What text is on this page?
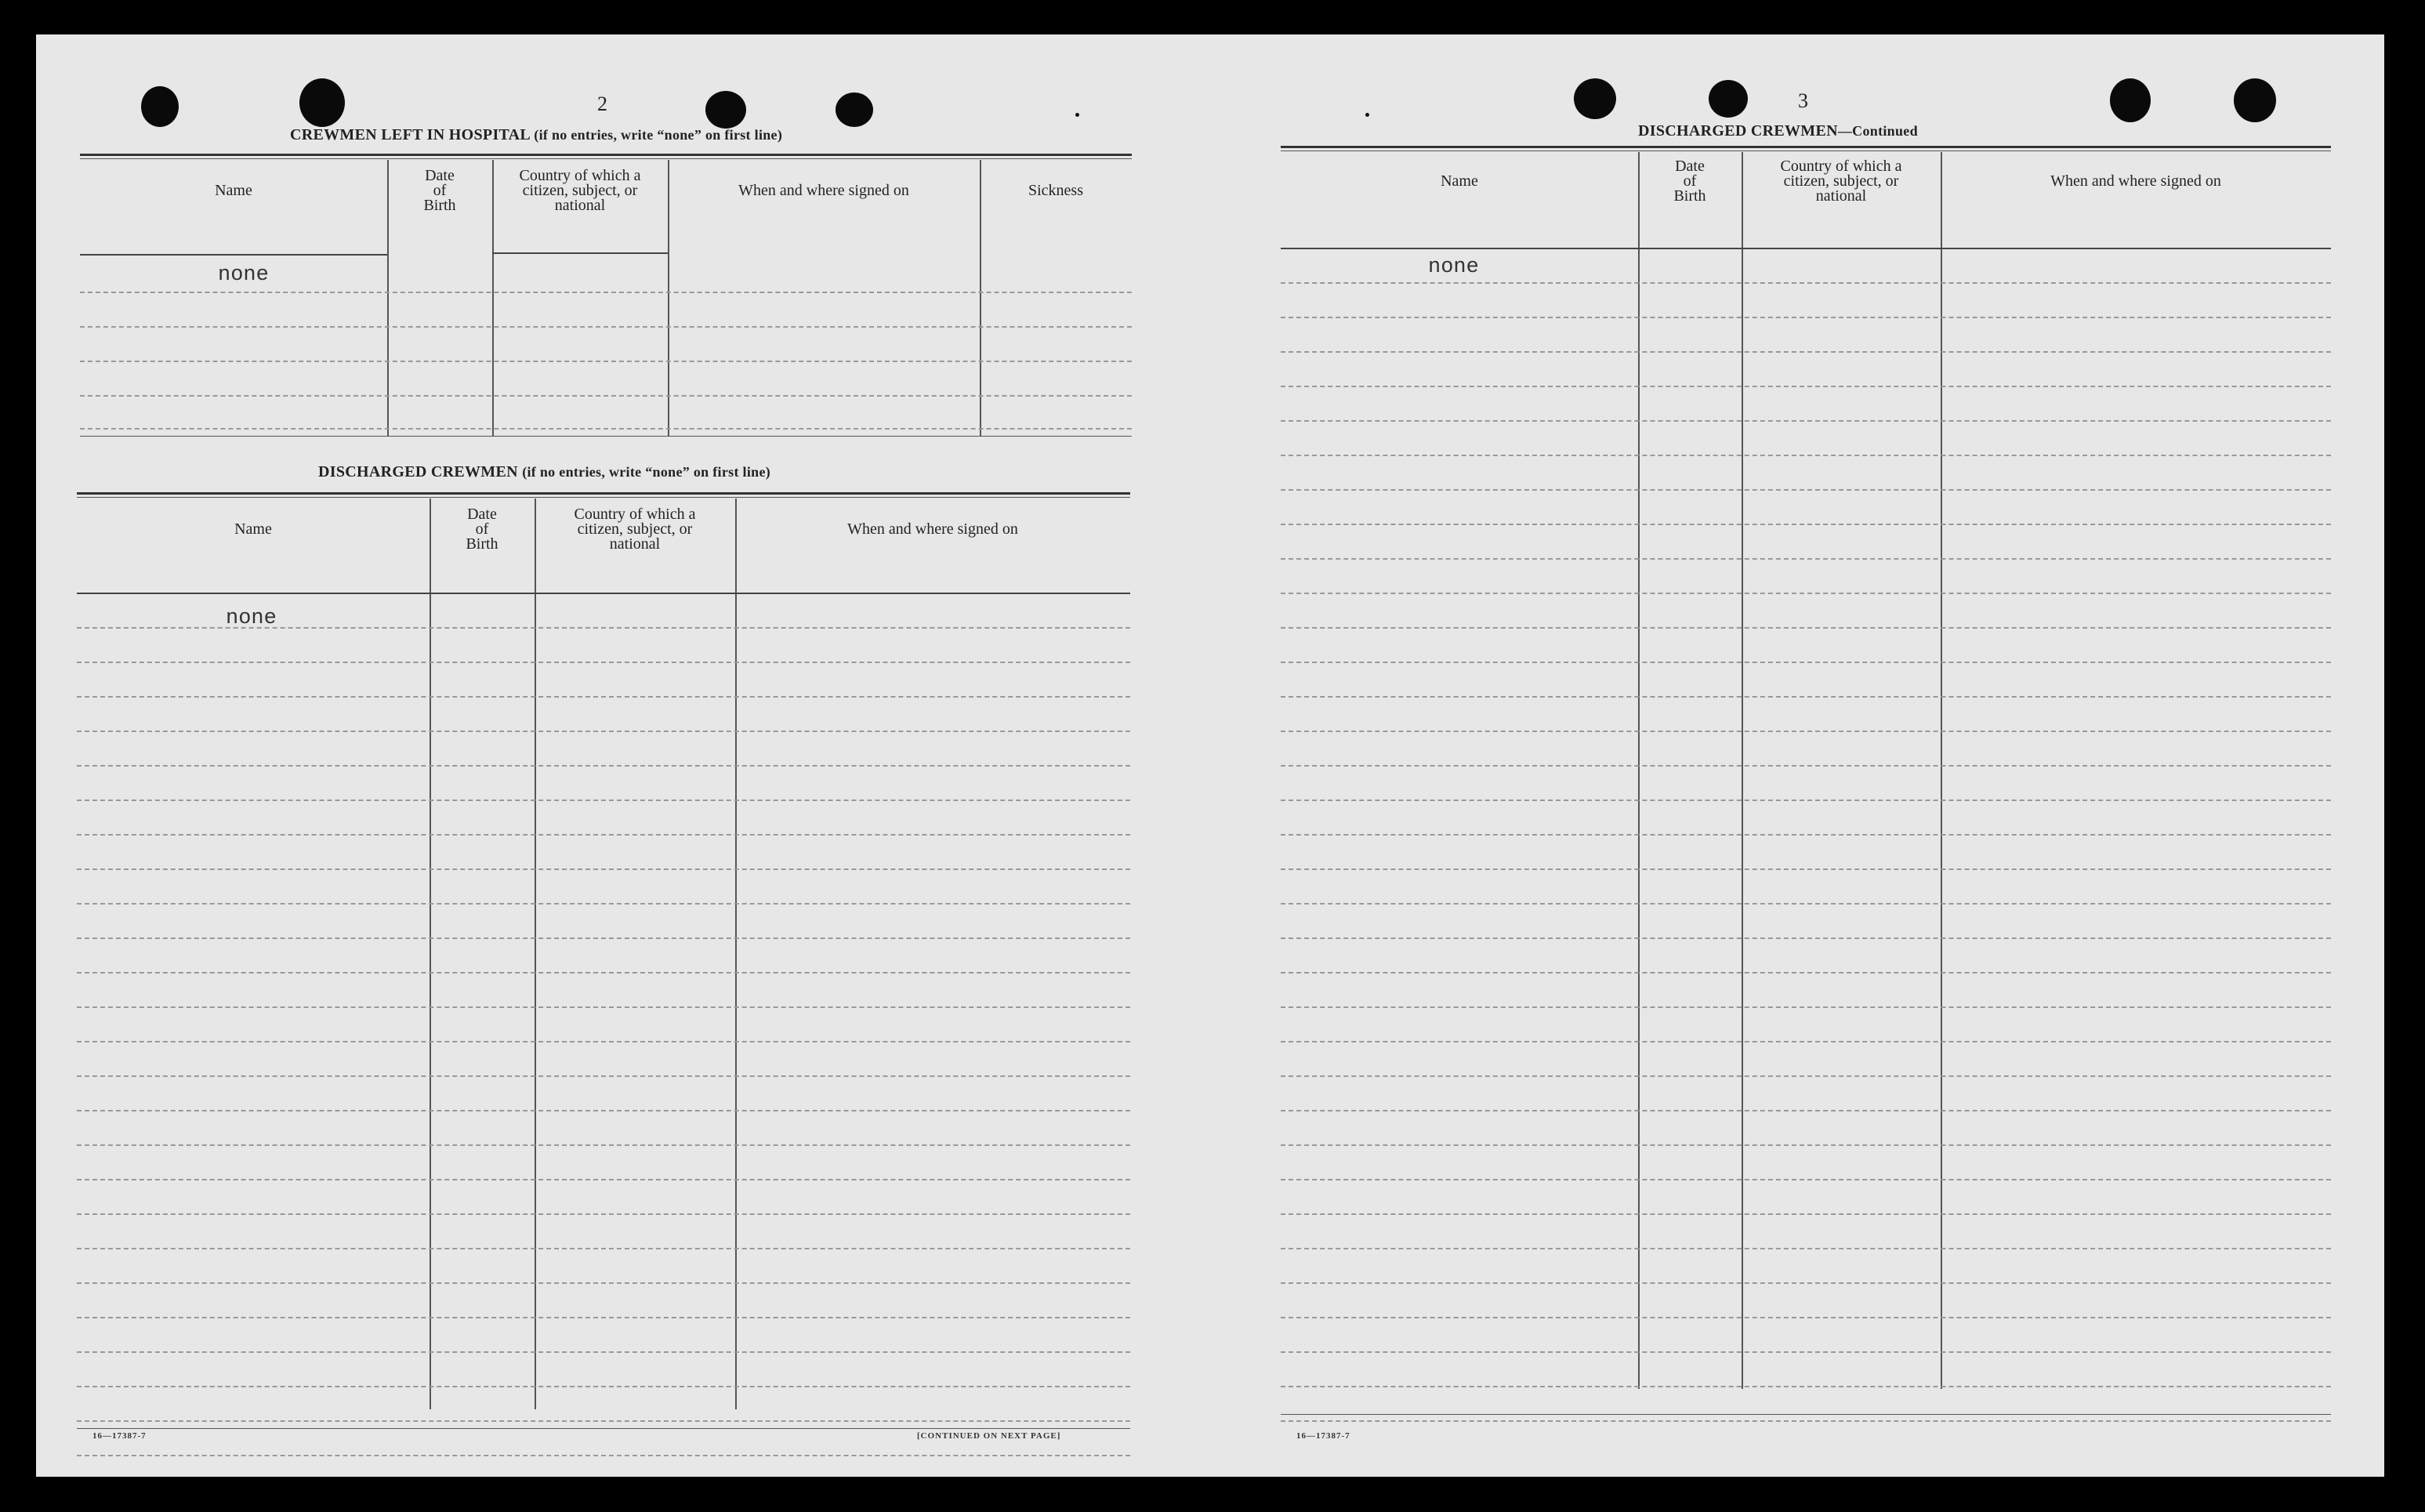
2
CREWMEN LEFT IN HOSPITAL (if no entries, write “none” on first line)
Name
Date
of
Birth
Country of which a
citizen, subject, or
national
When and where signed on	Sickness
none
DISCHARGED CREWMEN (if no entries, write “none” on first line)
Name
Date
of
Birth
Country of which a
citizen, subject, or
national
When and where signed on
none
16—17387-7	[CONTINUED ON NEXT PAGE]
3
DISCHARGED CREWMEN—Continued
Name
Date
of
Birth
Country of which a
citizen, subject, or
national
When and where signed on
none
16—17387-7
